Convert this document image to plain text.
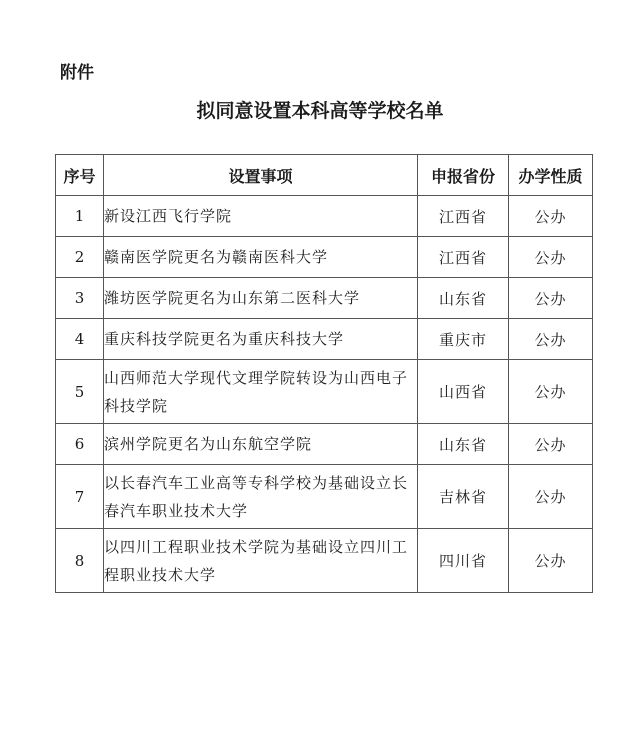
附件
拟同意设置本科高等学校名单
序号	设置事项	申报省份	办学性质
1	新设江西飞行学院	江西省	公办
2	赣南医学院更名为赣南医科大学	江西省	公办
3	潍坊医学院更名为山东第二医科大学	山东省	公办
4	重庆科技学院更名为重庆科技大学	重庆市	公办
5	山西师范大学现代文理学院转设为山西电子科技学院	山西省	公办
6	滨州学院更名为山东航空学院	山东省	公办
7	以长春汽车工业高等专科学校为基础设立长春汽车职业技术大学	吉林省	公办
8	以四川工程职业技术学院为基础设立四川工程职业技术大学	四川省	公办
